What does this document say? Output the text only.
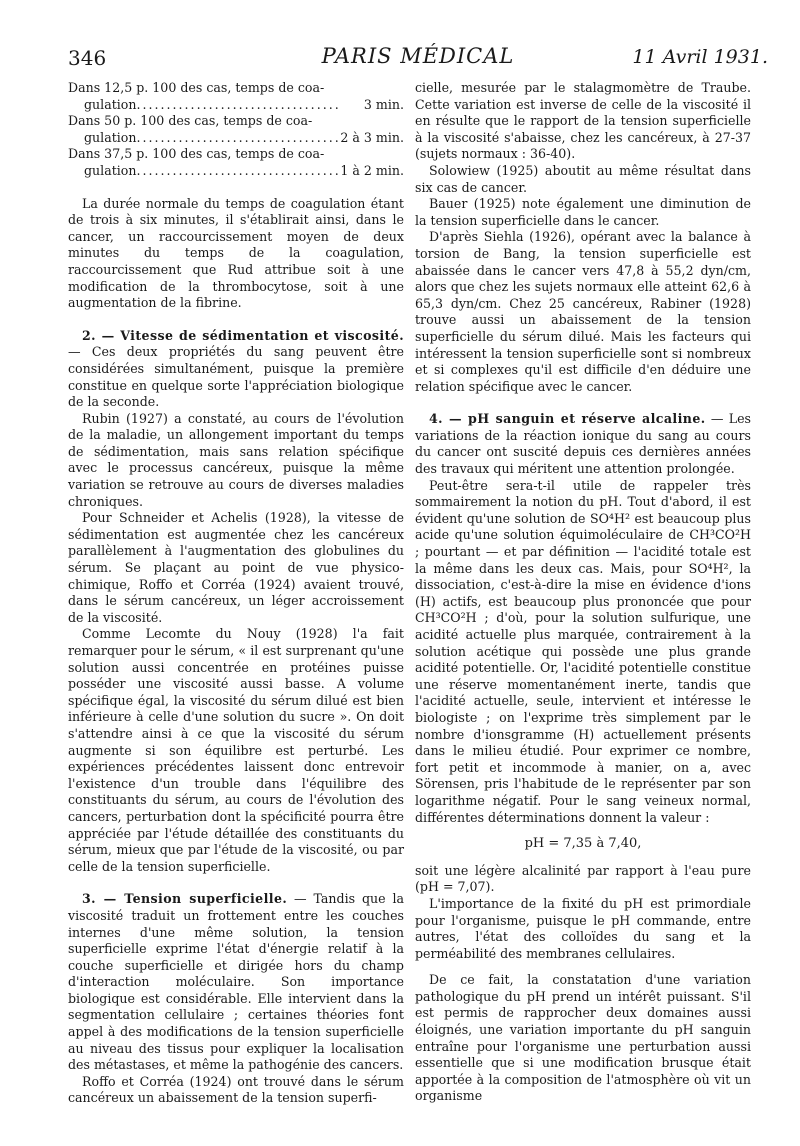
346	PARIS MÉDICAL	11 Avril 1931.
Dans 12,5 p. 100 des cas, temps de coa-
gulation . . .	3 min.
Dans 50 p. 100 des cas, temps de coa-
gulation . . .	2 à 3 min.
Dans 37,5 p. 100 des cas, temps de coa-
gulation . . .	1 à 2 min.

La durée normale du temps de coagulation étant de trois à six minutes, il s'établirait ainsi, dans le cancer, un raccourcissement moyen de deux minutes du temps de la coagulation, raccourcissement que Rud attribue soit à une modification de la thrombocytose, soit à une augmentation de la fibrine.

2. — Vitesse de sédimentation et viscosité. — Ces deux propriétés du sang peuvent être considérées simultanément, puisque la première constitue en quelque sorte l'appréciation biologique de la seconde.

Rubin (1927) a constaté, au cours de l'évolution de la maladie, un allongement important du temps de sédimentation, mais sans relation spécifique avec le processus cancéreux, puisque la même variation se retrouve au cours de diverses maladies chroniques.

Pour Schneider et Achelis (1928), la vitesse de sédimentation est augmentée chez les cancéreux parallèlement à l'augmentation des globulines du sérum. Se plaçant au point de vue physico-chimique, Roffo et Corréa (1924) avaient trouvé, dans le sérum cancéreux, un léger accroissement de la viscosité.

Comme Lecomte du Nouy (1928) l'a fait remarquer pour le sérum, « il est surprenant qu'une solution aussi concentrée en protéines puisse posséder une viscosité aussi basse. A volume spécifique égal, la viscosité du sérum dilué est bien inférieure à celle d'une solution du sucre ». On doit s'attendre ainsi à ce que la viscosité du sérum augmente si son équilibre est perturbé. Les expériences précédentes laissent donc entrevoir l'existence d'un trouble dans l'équilibre des constituants du sérum, au cours de l'évolution des cancers, perturbation dont la spécificité pourra être appréciée par l'étude détaillée des constituants du sérum, mieux que par l'étude de la viscosité, ou par celle de la tension superficielle.

3. — Tension superficielle. — Tandis que la viscosité traduit un frottement entre les couches internes d'une même solution, la tension superficielle exprime l'état d'énergie relatif à la couche superficielle et dirigée hors du champ d'interaction moléculaire. Son importance biologique est considérable. Elle intervient dans la segmentation cellulaire ; certaines théories font appel à des modifications de la tension superficielle au niveau des tissus pour expliquer la localisation des métastases, et même la pathogénie des cancers.

Roffo et Corréa (1924) ont trouvé dans le sérum cancéreux un abaissement de la tension superfi-

cielle, mesurée par le stalagmomètre de Traube. Cette variation est inverse de celle de la viscosité il en résulte que le rapport de la tension superficielle à la viscosité s'abaisse, chez les cancéreux, à 27-37 (sujets normaux : 36-40).

Solowiew (1925) aboutit au même résultat dans six cas de cancer.

Bauer (1925) note également une diminution de la tension superficielle dans le cancer.

D'après Siehla (1926), opérant avec la balance à torsion de Bang, la tension superficielle est abaissée dans le cancer vers 47,8 à 55,2 dyn/cm, alors que chez les sujets normaux elle atteint 62,6 à 65,3 dyn/cm. Chez 25 cancéreux, Rabiner (1928) trouve aussi un abaissement de la tension superficielle du sérum dilué. Mais les facteurs qui intéressent la tension superficielle sont si nombreux et si complexes qu'il est difficile d'en déduire une relation spécifique avec le cancer.

4. — pH sanguin et réserve alcaline. — Les variations de la réaction ionique du sang au cours du cancer ont suscité depuis ces dernières années des travaux qui méritent une attention prolongée.

Peut-être sera-t-il utile de rappeler très sommairement la notion du pH. Tout d'abord, il est évident qu'une solution de SO⁴H² est beaucoup plus acide qu'une solution équimoléculaire de CH³CO²H ; pourtant — et par définition — l'acidité totale est la même dans les deux cas. Mais, pour SO⁴H², la dissociation, c'est-à-dire la mise en évidence d'ions (H) actifs, est beaucoup plus prononcée que pour CH³CO²H ; d'où, pour la solution sulfurique, une acidité actuelle plus marquée, contrairement à la solution acétique qui possède une plus grande acidité potentielle. Or, l'acidité potentielle constitue une réserve momentanément inerte, tandis que l'acidité actuelle, seule, intervient et intéresse le biologiste ; on l'exprime très simplement par le nombre d'ionsgramme (H) actuellement présents dans le milieu étudié. Pour exprimer ce nombre, fort petit et incommode à manier, on a, avec Sörensen, pris l'habitude de le représenter par son logarithme négatif. Pour le sang veineux normal, différentes déterminations donnent la valeur :

pH = 7,35 à 7,40,

soit une légère alcalinité par rapport à l'eau pure (pH = 7,07).

L'importance de la fixité du pH est primordiale pour l'organisme, puisque le pH commande, entre autres, l'état des colloïdes du sang et la perméabilité des membranes cellulaires.

De ce fait, la constatation d'une variation pathologique du pH prend un intérêt puissant. S'il est permis de rapprocher deux domaines aussi éloignés, une variation importante du pH sanguin entraîne pour l'organisme une perturbation aussi essentielle que si une modification brusque était apportée à la composition de l'atmosphère où vit un organisme
